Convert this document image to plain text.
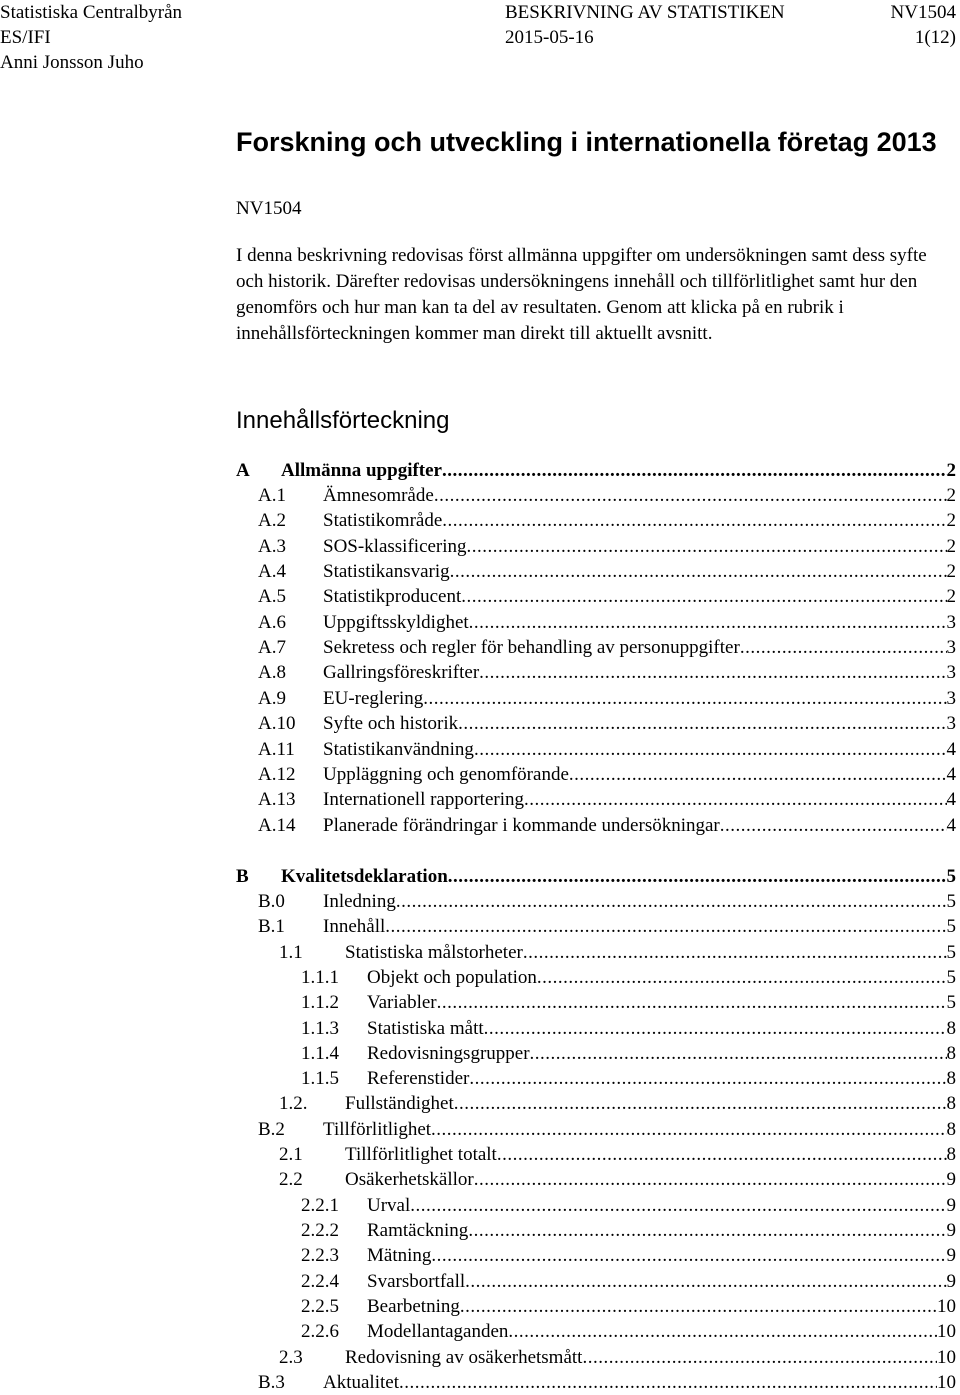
Statistiska Centralbyrån
ES/IFI
Anni Jonsson Juho
BESKRIVNING AV STATISTIKEN
2015-05-16
NV1504
1(12)
Forskning och utveckling i internationella företag 2013
NV1504

I denna beskrivning redovisas först allmänna uppgifter om undersökningen samt dess syfte och historik. Därefter redovisas undersökningens innehåll och tillförlitlighet samt hur den genomförs och hur man kan ta del av resultaten. Genom att klicka på en rubrik i innehållsförteckningen kommer man direkt till aktuellt avsnitt.

Innehållsförteckning
A Allmänna uppgifter .....	2
A.1 Ämnesområde .....	2
A.2 Statistikområde .....	2
A.3 SOS-klassificering .....	2
A.4 Statistikansvarig .....	2
A.5 Statistikproducent .....	2
A.6 Uppgiftsskyldighet .....	3
A.7 Sekretess och regler för behandling av personuppgifter .....	3
A.8 Gallringsföreskrifter .....	3
A.9 EU-reglering .....	3
A.10 Syfte och historik .....	3
A.11 Statistikanvändning .....	4
A.12 Uppläggning och genomförande .....	4
A.13 Internationell rapportering .....	4
A.14 Planerade förändringar i kommande undersökningar .....	4
B Kvalitetsdeklaration .....	5
B.0 Inledning .....	5
B.1 Innehåll .....	5
1.1 Statistiska målstorheter .....	5
1.1.1 Objekt och population .....	5
1.1.2 Variabler .....	5
1.1.3 Statistiska mått .....	8
1.1.4 Redovisningsgrupper .....	8
1.1.5 Referenstider .....	8
1.2. Fullständighet .....	8
B.2 Tillförlitlighet .....	8
2.1 Tillförlitlighet totalt .....	8
2.2 Osäkerhetskällor .....	9
2.2.1 Urval .....	9
2.2.2 Ramtäckning .....	9
2.2.3 Mätning .....	9
2.2.4 Svarsbortfall .....	9
2.2.5 Bearbetning .....	10
2.2.6 Modellantaganden .....	10
2.3 Redovisning av osäkerhetsmått .....	10
B.3 Aktualitet .....	10
